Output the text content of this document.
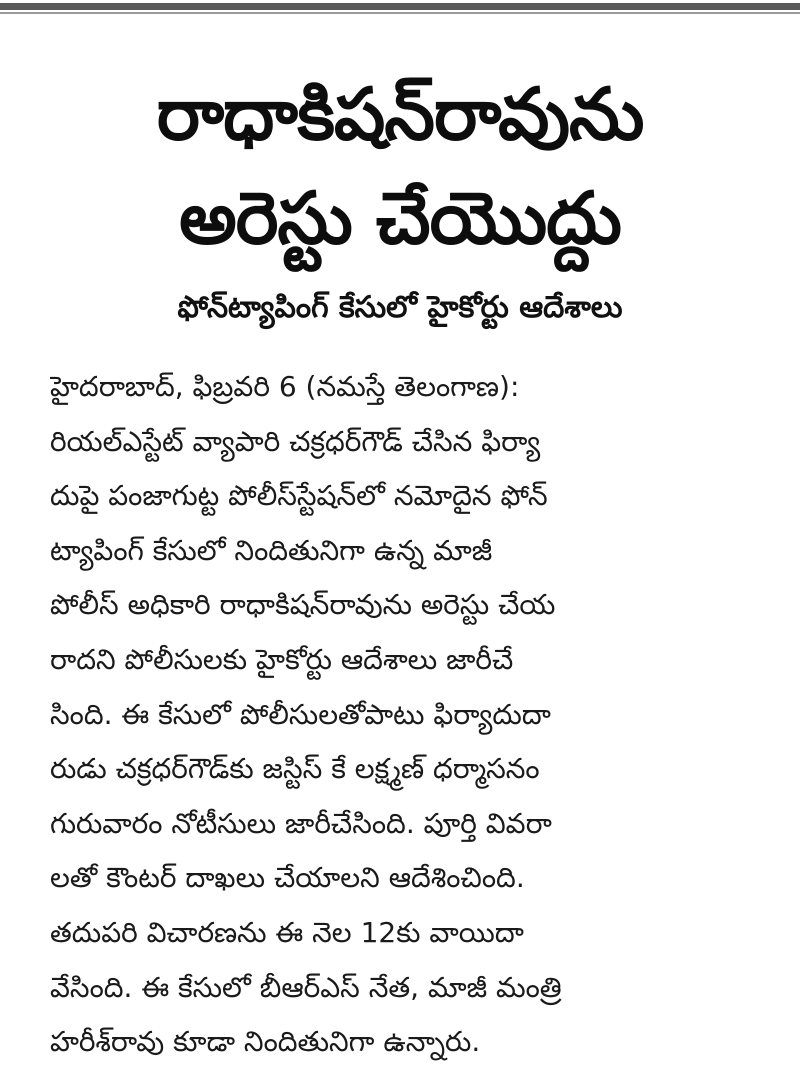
రాధాకిషన్‌రావును
అరెస్టు చేయొద్దు
ఫోన్‌ట్యాపింగ్‌ కేసులో హైకోర్టు ఆదేశాలు
హైదరాబాద్‌, ఫిబ్రవరి 6 (నమస్తే తెలంగాణ):
రియల్‌ఎస్టేట్‌ వ్యాపారి చక్రధర్‌గౌడ్‌ చేసిన ఫిర్యా
దుపై పంజాగుట్ట పోలీస్‌స్టేషన్‌లో నమోదైన ఫోన్‌
ట్యాపింగ్‌ కేసులో నిందితునిగా ఉన్న మాజీ
పోలీస్‌ అధికారి రాధాకిషన్‌రావును అరెస్టు చేయ
రాదని పోలీసులకు హైకోర్టు ఆదేశాలు జారీచే
సింది. ఈ కేసులో పోలీసులతోపాటు ఫిర్యాదుదా
రుడు చక్రధర్‌గౌడ్‌కు జస్టిస్‌ కే లక్ష్మణ్‌ ధర్మాసనం
గురువారం నోటీసులు జారీచేసింది. పూర్తి వివరా
లతో కౌంటర్‌ దాఖలు చేయాలని ఆదేశించింది.
తదుపరి విచారణను ఈ నెల 12కు వాయిదా
వేసింది. ఈ కేసులో బీఆర్‌ఎస్‌ నేత, మాజీ మంత్రి
హరీశ్‌రావు కూడా నిందితునిగా ఉన్నారు.
